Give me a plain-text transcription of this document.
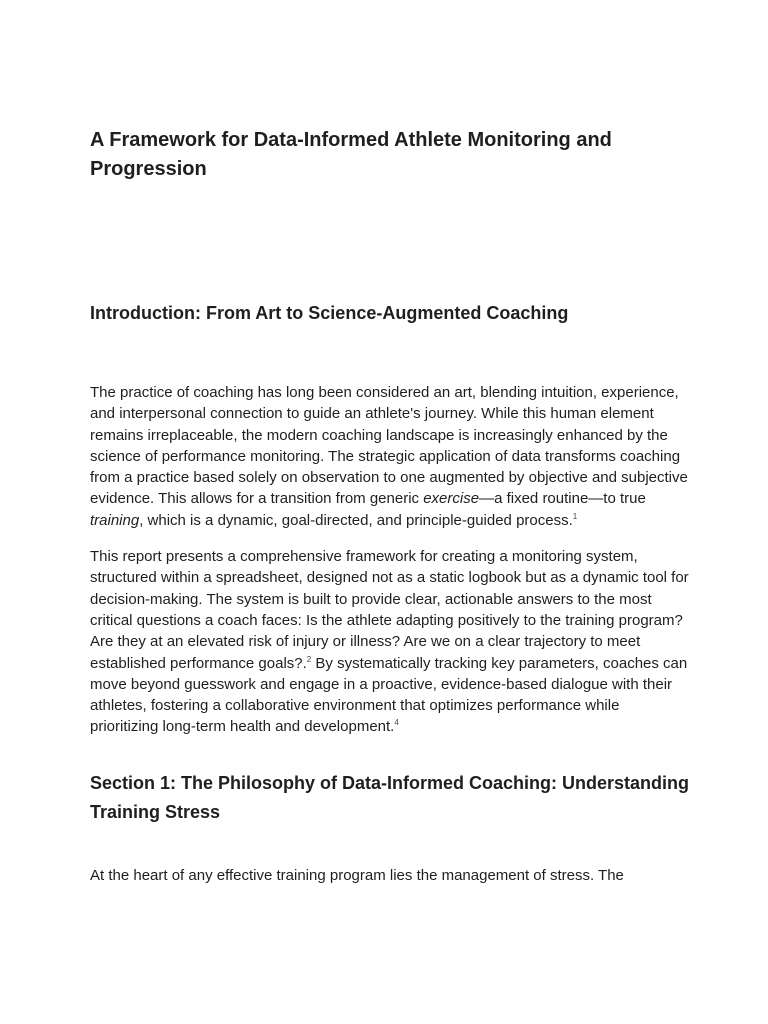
A Framework for Data-Informed Athlete Monitoring and Progression
Introduction: From Art to Science-Augmented Coaching

The practice of coaching has long been considered an art, blending intuition, experience, and interpersonal connection to guide an athlete's journey. While this human element remains irreplaceable, the modern coaching landscape is increasingly enhanced by the science of performance monitoring. The strategic application of data transforms coaching from a practice based solely on observation to one augmented by objective and subjective evidence. This allows for a transition from generic exercise—a fixed routine—to true training, which is a dynamic, goal-directed, and principle-guided process.$^1$

This report presents a comprehensive framework for creating a monitoring system, structured within a spreadsheet, designed not as a static logbook but as a dynamic tool for decision-making. The system is built to provide clear, actionable answers to the most critical questions a coach faces: Is the athlete adapting positively to the training program? Are they at an elevated risk of injury or illness? Are we on a clear trajectory to meet established performance goals?.$^2$ By systematically tracking key parameters, coaches can move beyond guesswork and engage in a proactive, evidence-based dialogue with their athletes, fostering a collaborative environment that optimizes performance while prioritizing long-term health and development.$^4$

Section 1: The Philosophy of Data-Informed Coaching: Understanding Training Stress

At the heart of any effective training program lies the management of stress. The
